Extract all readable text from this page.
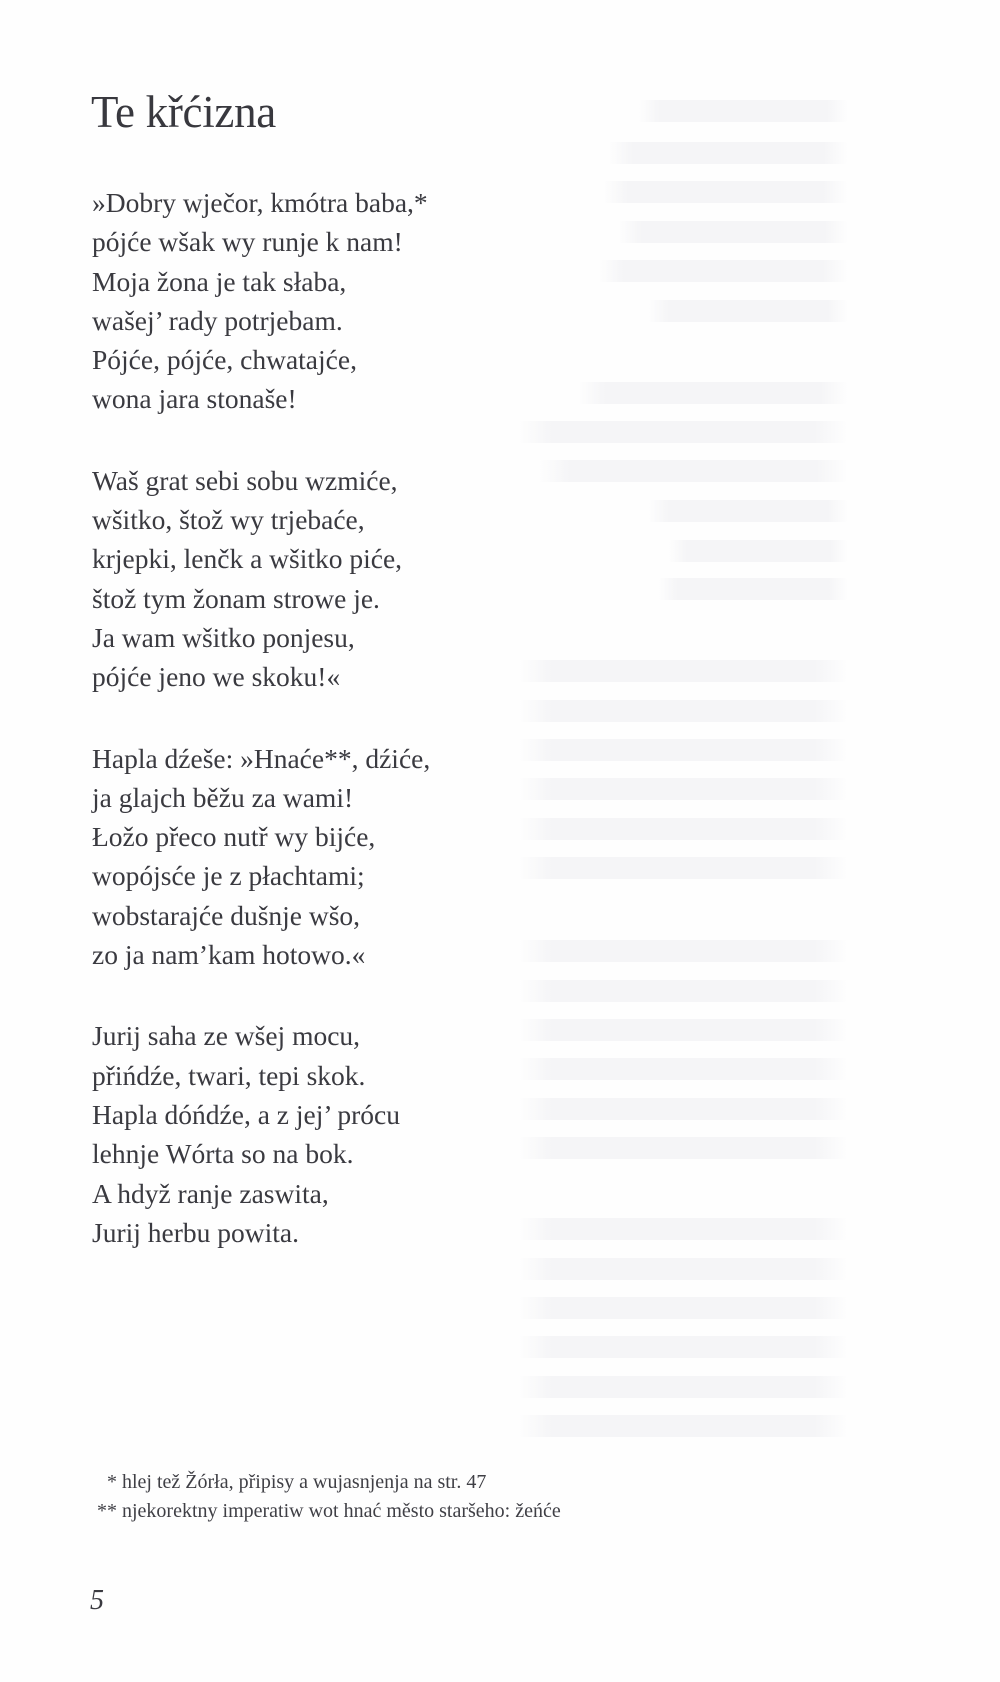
Te křćizna
»Dobry wječor, kmótra baba,*
pójće wšak wy runje k nam!
Moja žona je tak słaba,
wašej’ rady potrjebam.
Pójće, pójće, chwatajće,
wona jara stonaše!
Waš grat sebi sobu wzmiće,
wšitko, štož wy trjebaće,
krjepki, lenčk a wšitko piće,
štož tym žonam strowe je.
Ja wam wšitko ponjesu,
pójće jeno we skoku!«
Hapla dźeše: »Hnaće**, dźiće,
ja glajch běžu za wami!
Łožo přeco nutř wy bijće,
wopójsće je z płachtami;
wobstarajće dušnje wšo,
zo ja nam’kam hotowo.«
Jurij saha ze wšej mocu,
přińdźe, twari, tepi skok.
Hapla dóńdźe, a z jej’ prócu
lehnje Wórta so na bok.
A hdyž ranje zaswita,
Jurij herbu powita.
* hlej tež Žórła, připisy a wujasnjenja na str. 47
** njekorektny imperatiw wot hnać město staršeho: žeńće
5
